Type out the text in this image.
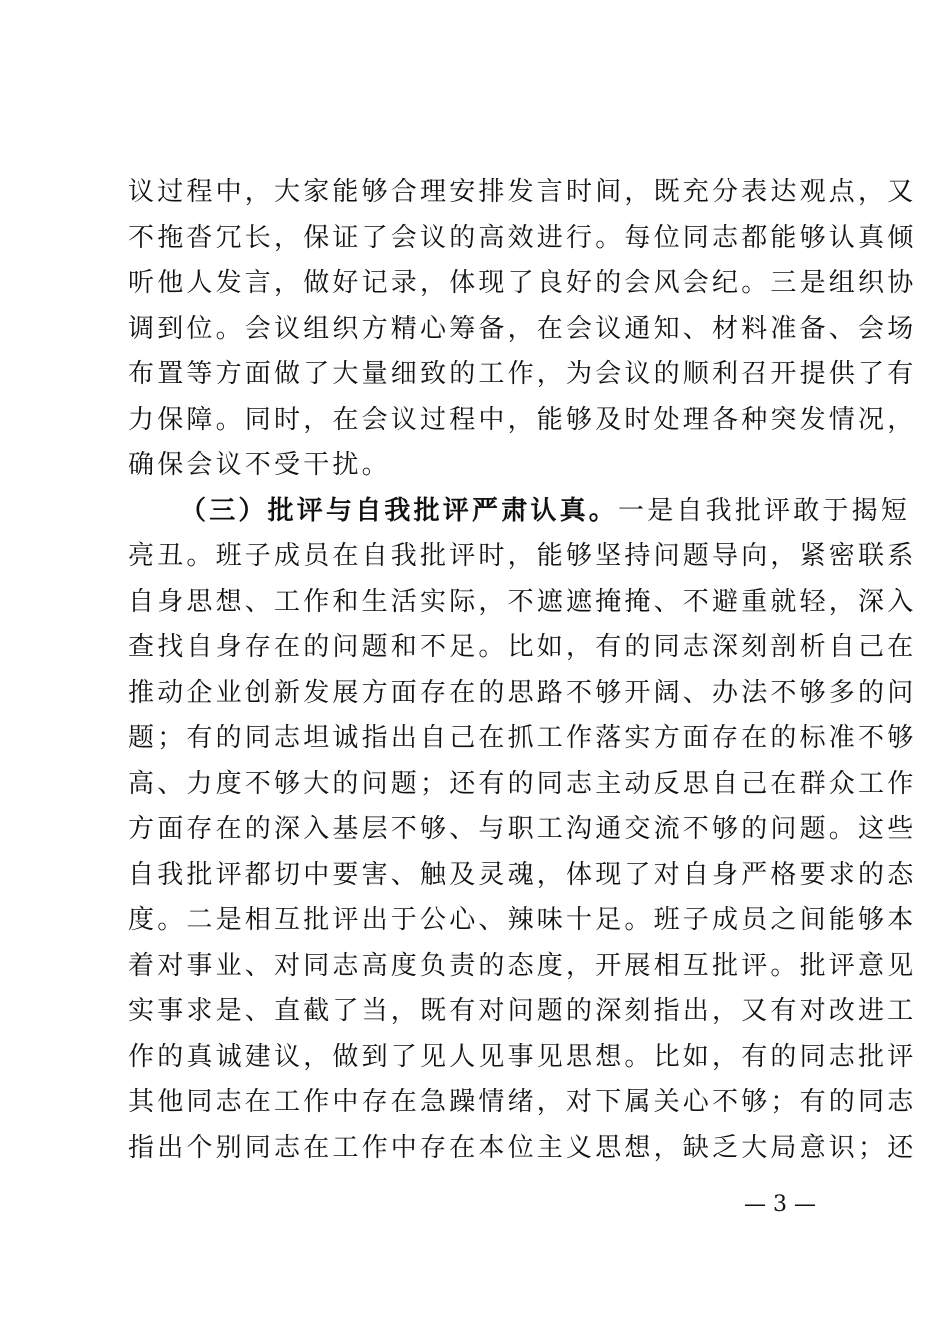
议过程中，大家能够合理安排发言时间，既充分表达观点，又
不拖沓冗长，保证了会议的高效进行。每位同志都能够认真倾
听他人发言，做好记录，体现了良好的会风会纪。三是组织协
调到位。会议组织方精心筹备，在会议通知、材料准备、会场
布置等方面做了大量细致的工作，为会议的顺利召开提供了有
力保障。同时，在会议过程中，能够及时处理各种突发情况，
确保会议不受干扰。
（三）批评与自我批评严肃认真。一是自我批评敢于揭短
亮丑。班子成员在自我批评时，能够坚持问题导向，紧密联系
自身思想、工作和生活实际，不遮遮掩掩、不避重就轻，深入
查找自身存在的问题和不足。比如，有的同志深刻剖析自己在
推动企业创新发展方面存在的思路不够开阔、办法不够多的问
题；有的同志坦诚指出自己在抓工作落实方面存在的标准不够
高、力度不够大的问题；还有的同志主动反思自己在群众工作
方面存在的深入基层不够、与职工沟通交流不够的问题。这些
自我批评都切中要害、触及灵魂，体现了对自身严格要求的态
度。二是相互批评出于公心、辣味十足。班子成员之间能够本
着对事业、对同志高度负责的态度，开展相互批评。批评意见
实事求是、直截了当，既有对问题的深刻指出，又有对改进工
作的真诚建议，做到了见人见事见思想。比如，有的同志批评
其他同志在工作中存在急躁情绪，对下属关心不够；有的同志
指出个别同志在工作中存在本位主义思想，缺乏大局意识；还
— 3 —
